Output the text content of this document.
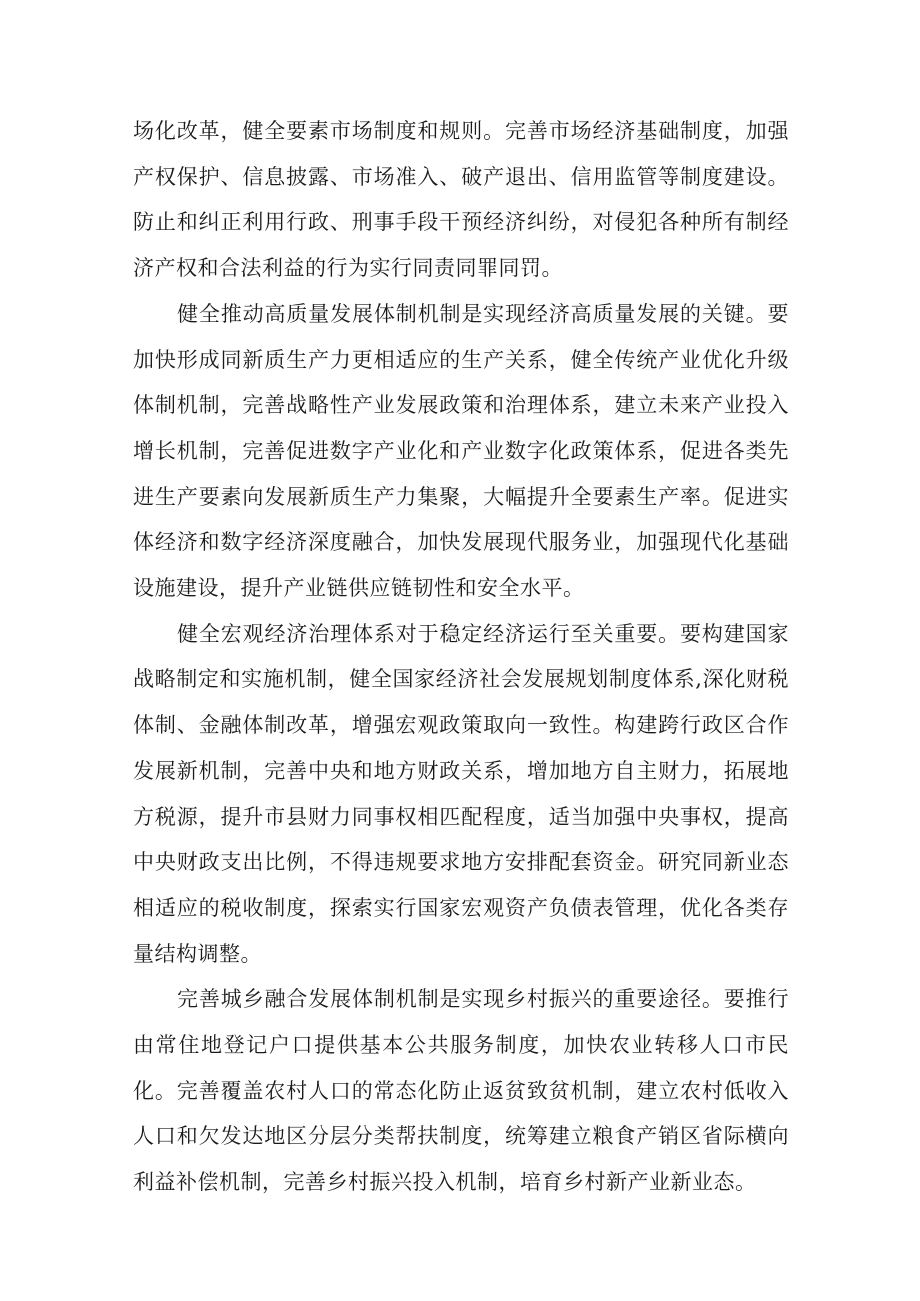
场化改革，健全要素市场制度和规则。完善市场经济基础制度，加强产权保护、信息披露、市场准入、破产退出、信用监管等制度建设。防止和纠正利用行政、刑事手段干预经济纠纷，对侵犯各种所有制经济产权和合法利益的行为实行同责同罪同罚。

健全推动高质量发展体制机制是实现经济高质量发展的关键。要加快形成同新质生产力更相适应的生产关系，健全传统产业优化升级体制机制，完善战略性产业发展政策和治理体系，建立未来产业投入增长机制，完善促进数字产业化和产业数字化政策体系，促进各类先进生产要素向发展新质生产力集聚，大幅提升全要素生产率。促进实体经济和数字经济深度融合，加快发展现代服务业，加强现代化基础设施建设，提升产业链供应链韧性和安全水平。

健全宏观经济治理体系对于稳定经济运行至关重要。要构建国家战略制定和实施机制，健全国家经济社会发展规划制度体系,深化财税体制、金融体制改革，增强宏观政策取向一致性。构建跨行政区合作发展新机制，完善中央和地方财政关系，增加地方自主财力，拓展地方税源，提升市县财力同事权相匹配程度，适当加强中央事权，提高中央财政支出比例，不得违规要求地方安排配套资金。研究同新业态相适应的税收制度，探索实行国家宏观资产负债表管理，优化各类存量结构调整。

完善城乡融合发展体制机制是实现乡村振兴的重要途径。要推行由常住地登记户口提供基本公共服务制度，加快农业转移人口市民化。完善覆盖农村人口的常态化防止返贫致贫机制，建立农村低收入人口和欠发达地区分层分类帮扶制度，统筹建立粮食产销区省际横向利益补偿机制，完善乡村振兴投入机制，培育乡村新产业新业态。
